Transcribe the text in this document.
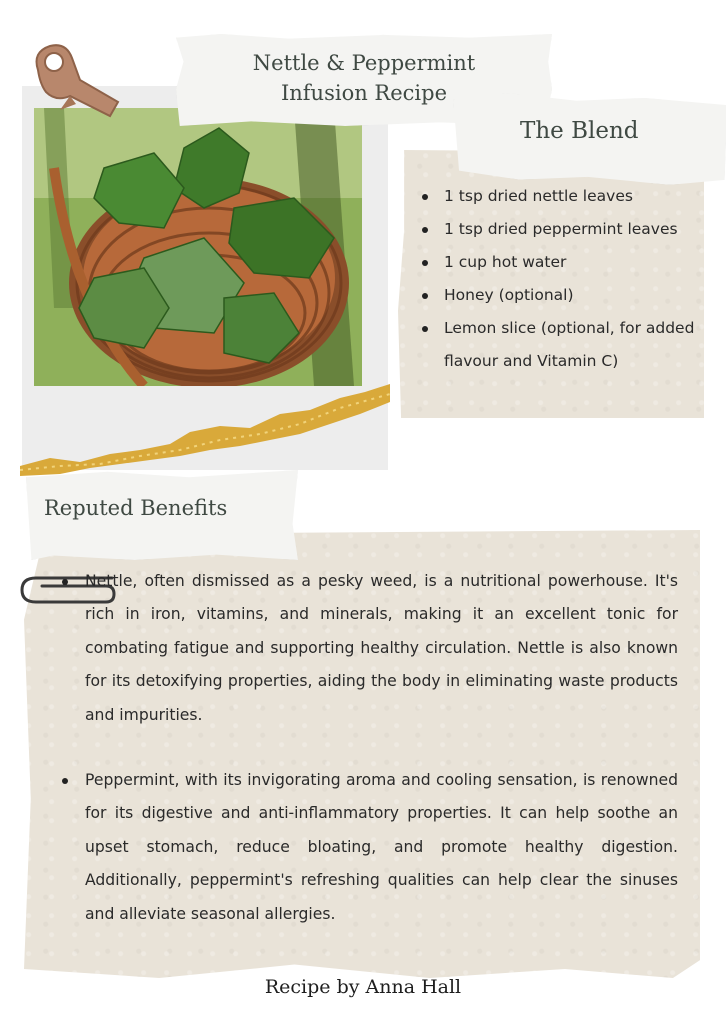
Nettle & Peppermint
Infusion Recipe
The Blend
1 tsp dried nettle leaves
1 tsp dried peppermint leaves
1 cup hot water
Honey (optional)
Lemon slice (optional, for added flavour and Vitamin C)
Reputed Benefits
Nettle, often dismissed as a pesky weed, is a nutritional powerhouse. It's rich in iron, vitamins, and minerals, making it an excellent tonic for combating fatigue and supporting healthy circulation. Nettle is also known for its detoxifying properties, aiding the body in eliminating waste products and impurities.
Peppermint, with its invigorating aroma and cooling sensation, is renowned for its digestive and anti-inflammatory properties. It can help soothe an upset stomach, reduce bloating, and promote healthy digestion. Additionally, peppermint's refreshing qualities can help clear the sinuses and alleviate seasonal allergies.
Recipe by Anna Hall
